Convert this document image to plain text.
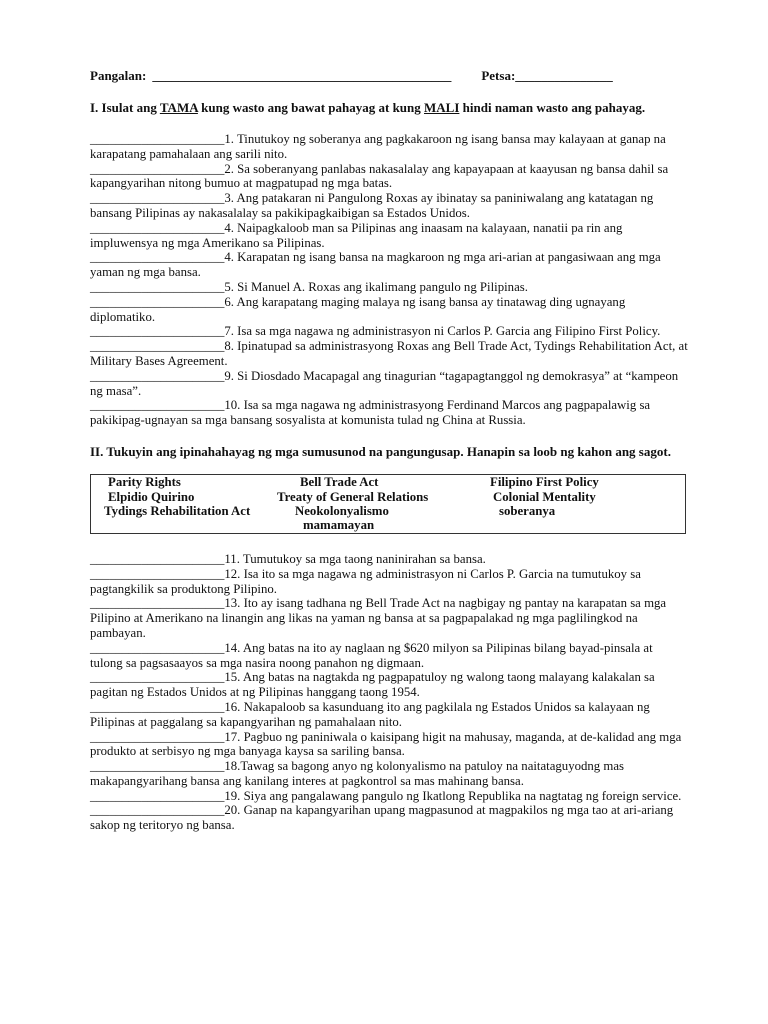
Pangalan: ______________________________________________ Petsa:_______________
I. Isulat ang TAMA kung wasto ang bawat pahayag at kung MALI hindi naman wasto ang pahayag.

_____________________1. Tinutukoy ng soberanya ang pagkakaroon ng isang bansa may kalayaan at ganap na karapatang pamahalaan ang sarili nito.

_____________________2. Sa soberanyang panlabas nakasalalay ang kapayapaan at kaayusan ng bansa dahil sa kapangyarihan nitong bumuo at magpatupad ng mga batas.

_____________________3. Ang patakaran ni Pangulong Roxas ay ibinatay sa paniniwalang ang katatagan ng bansang Pilipinas ay nakasalalay sa pakikipagkaibigan sa Estados Unidos.

_____________________4. Naipagkaloob man sa Pilipinas ang inaasam na kalayaan, nanatii pa rin ang impluwensya ng mga Amerikano sa Pilipinas.

_____________________4. Karapatan ng isang bansa na magkaroon ng mga ari-arian at pangasiwaan ang mga yaman ng mga bansa.

_____________________5. Si Manuel A. Roxas ang ikalimang pangulo ng Pilipinas.

_____________________6. Ang karapatang maging malaya ng isang bansa ay tinatawag ding ugnayang diplomatiko.

_____________________7. Isa sa mga nagawa ng administrasyon ni Carlos P. Garcia ang Filipino First Policy.

_____________________8. Ipinatupad sa administrasyong Roxas ang Bell Trade Act, Tydings Rehabilitation Act, at Military Bases Agreement.

_____________________9. Si Diosdado Macapagal ang tinagurian “tagapagtanggol ng demokrasya” at “kampeon ng masa”.

_____________________10. Isa sa mga nagawa ng administrasyong Ferdinand Marcos ang pagpapalawig sa pakikipag-ugnayan sa mga bansang sosyalista at komunista tulad ng China at Russia.

II. Tukuyin ang ipinahahayag ng mga sumusunod na pangungusap. Hanapin sa loob ng kahon ang sagot.
Parity Rights
Elpidio Quirino
Tydings Rehabilitation Act
Bell Trade Act
Treaty of General Relations
Neokolonyalismo
mamamayan
Filipino First Policy
Colonial Mentality
soberanya

_____________________11. Tumutukoy sa mga taong naninirahan sa bansa.

_____________________12. Isa ito sa mga nagawa ng administrasyon ni Carlos P. Garcia na tumutukoy sa pagtangkilik sa produktong Pilipino.

_____________________13. Ito ay isang tadhana ng Bell Trade Act na nagbigay ng pantay na karapatan sa mga Pilipino at Amerikano na linangin ang likas na yaman ng bansa at sa pagpapalakad ng mga paglilingkod na pambayan.

_____________________14. Ang batas na ito ay naglaan ng $620 milyon sa Pilipinas bilang bayad-pinsala at tulong sa pagsasaayos sa mga nasira noong panahon ng digmaan.

_____________________15. Ang batas na nagtakda ng pagpapatuloy ng walong taong malayang kalakalan sa pagitan ng Estados Unidos at ng Pilipinas hanggang taong 1954.

_____________________16. Nakapaloob sa kasunduang ito ang pagkilala ng Estados Unidos sa kalayaan ng Pilipinas at paggalang sa kapangyarihan ng pamahalaan nito.

_____________________17. Pagbuo ng paniniwala o kaisipang higit na mahusay, maganda, at de-kalidad ang mga produkto at serbisyo ng mga banyaga kaysa sa sariling bansa.

_____________________18.Tawag sa bagong anyo ng kolonyalismo na patuloy na naitataguyodng mas makapangyarihang bansa ang kanilang interes at pagkontrol sa mas mahinang bansa.

_____________________19. Siya ang pangalawang pangulo ng Ikatlong Republika na nagtatag ng foreign service.

_____________________20. Ganap na kapangyarihan upang magpasunod at magpakilos ng mga tao at ari-ariang sakop ng teritoryo ng bansa.
